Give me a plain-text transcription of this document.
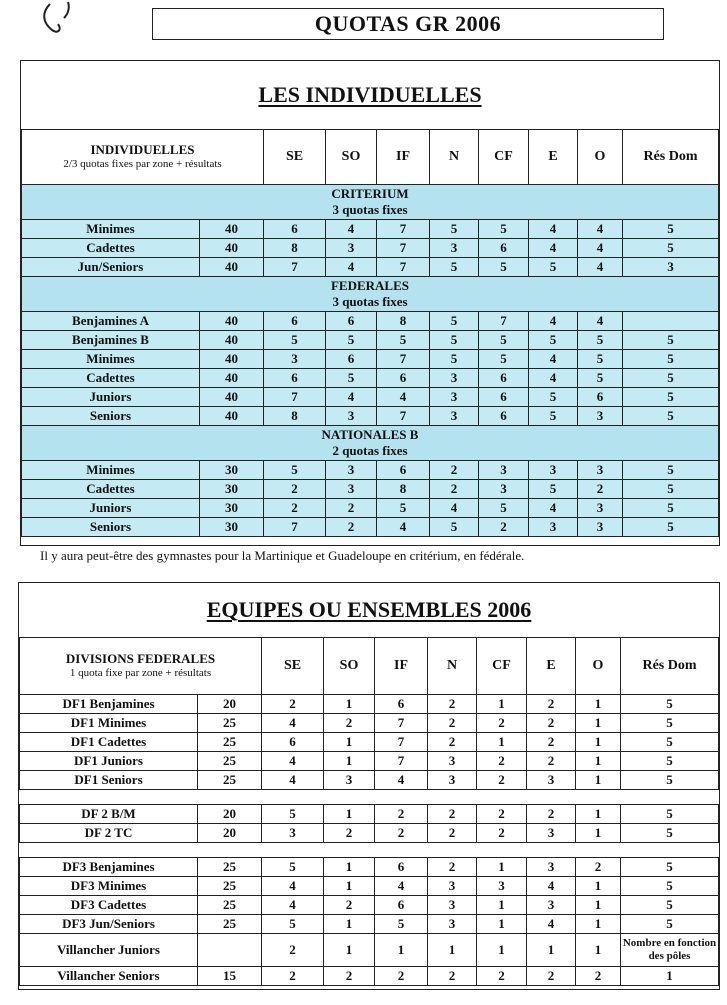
QUOTAS GR 2006
LES INDIVIDUELLES
INDIVIDUELLES
2/3 quotas fixes par zone + résultats		SE	SO	IF	N	CF	E	O	Rés Dom

CRITERIUM
3 quotas fixes									

Minimes	40	6	4	7	5	5	4	4	5
Cadettes	40	8	3	7	3	6	4	4	5
Jun/Seniors	40	7	4	7	5	5	5	4	3

FEDERALES
3 quotas fixes									

Benjamines A	40	6	6	8	5	7	4	4	
Benjamines B	40	5	5	5	5	5	5	5	5
Minimes	40	3	6	7	5	5	4	5	5
Cadettes	40	6	5	6	3	6	4	5	5
Juniors	40	7	4	4	3	6	5	6	5
Seniors	40	8	3	7	3	6	5	3	5

NATIONALES B
2 quotas fixes									

Minimes	30	5	3	6	2	3	3	3	5
Cadettes	30	2	3	8	2	3	5	2	5
Juniors	30	2	2	5	4	5	4	3	5
Seniors	30	7	2	4	5	2	3	3	5
Il y aura peut-être des gymnastes pour la Martinique et Guadeloupe en critérium, en fédérale.
EQUIPES OU ENSEMBLES 2006
DIVISIONS FEDERALES
1 quota fixe par zone + résultats		SE	SO	IF	N	CF	E	O	Rés Dom
DF1 Benjamines	20	2	1	6	2	1	2	1	5
DF1 Minimes	25	4	2	7	2	2	2	1	5
DF1 Cadettes	25	6	1	7	2	1	2	1	5
DF1 Juniors	25	4	1	7	3	2	2	1	5
DF1 Seniors	25	4	3	4	3	2	3	1	5

DF 2 B/M	20	5	1	2	2	2	2	1	5
DF 2 TC	20	3	2	2	2	2	3	1	5

DF3 Benjamines	25	5	1	6	2	1	3	2	5
DF3 Minimes	25	4	1	4	3	3	4	1	5
DF3 Cadettes	25	4	2	6	3	1	3	1	5
DF3 Jun/Seniors	25	5	1	5	3	1	4	1	5
Villancher Juniors		2	1	1	1	1	1	1	Nombre en fonction des pôles
Villancher Seniors	15	2	2	2	2	2	2	2	1
